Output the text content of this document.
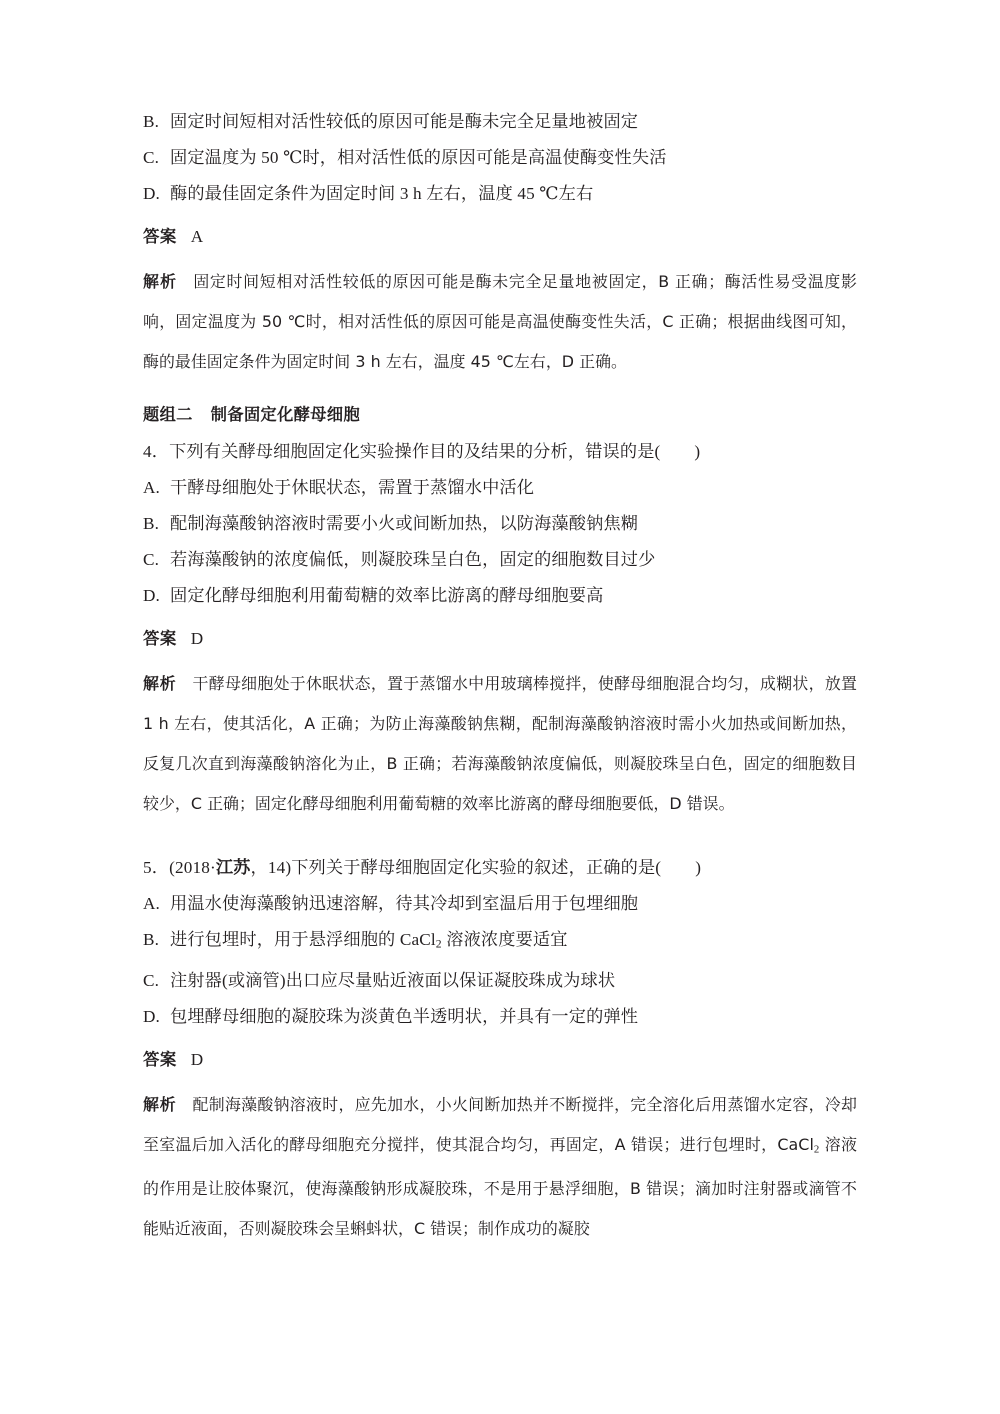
B. 固定时间短相对活性较低的原因可能是酶未完全足量地被固定
C. 固定温度为 50 ℃时，相对活性低的原因可能是高温使酶变性失活
D. 酶的最佳固定条件为固定时间 3 h 左右，温度 45 ℃左右
答案 A
解析 固定时间短相对活性较低的原因可能是酶未完全足量地被固定，B 正确；酶活性易受温度影响，固定温度为 50 ℃时，相对活性低的原因可能是高温使酶变性失活，C 正确；根据曲线图可知，酶的最佳固定条件为固定时间 3 h 左右，温度 45 ℃左右，D 正确。
题组二 制备固定化酵母细胞
4．下列有关酵母细胞固定化实验操作目的及结果的分析，错误的是( )
A. 干酵母细胞处于休眠状态，需置于蒸馏水中活化
B. 配制海藻酸钠溶液时需要小火或间断加热，以防海藻酸钠焦糊
C. 若海藻酸钠的浓度偏低，则凝胶珠呈白色，固定的细胞数目过少
D. 固定化酵母细胞利用葡萄糖的效率比游离的酵母细胞要高
答案 D
解析 干酵母细胞处于休眠状态，置于蒸馏水中用玻璃棒搅拌，使酵母细胞混合均匀，成糊状，放置 1 h 左右，使其活化，A 正确；为防止海藻酸钠焦糊，配制海藻酸钠溶液时需小火加热或间断加热，反复几次直到海藻酸钠溶化为止，B 正确；若海藻酸钠浓度偏低，则凝胶珠呈白色，固定的细胞数目较少，C 正确；固定化酵母细胞利用葡萄糖的效率比游离的酵母细胞要低，D 错误。
5．(2018·江苏，14)下列关于酵母细胞固定化实验的叙述，正确的是( )
A. 用温水使海藻酸钠迅速溶解，待其冷却到室温后用于包埋细胞
B. 进行包埋时，用于悬浮细胞的 CaCl$_2$ 溶液浓度要适宜
C. 注射器(或滴管)出口应尽量贴近液面以保证凝胶珠成为球状
D. 包埋酵母细胞的凝胶珠为淡黄色半透明状，并具有一定的弹性
答案 D
解析 配制海藻酸钠溶液时，应先加水，小火间断加热并不断搅拌，完全溶化后用蒸馏水定容，冷却至室温后加入活化的酵母细胞充分搅拌，使其混合均匀，再固定，A 错误；进行包埋时，CaCl$_2$ 溶液的作用是让胶体聚沉，使海藻酸钠形成凝胶珠，不是用于悬浮细胞，B 错误；滴加时注射器或滴管不能贴近液面，否则凝胶珠会呈蝌蚪状，C 错误；制作成功的凝胶
